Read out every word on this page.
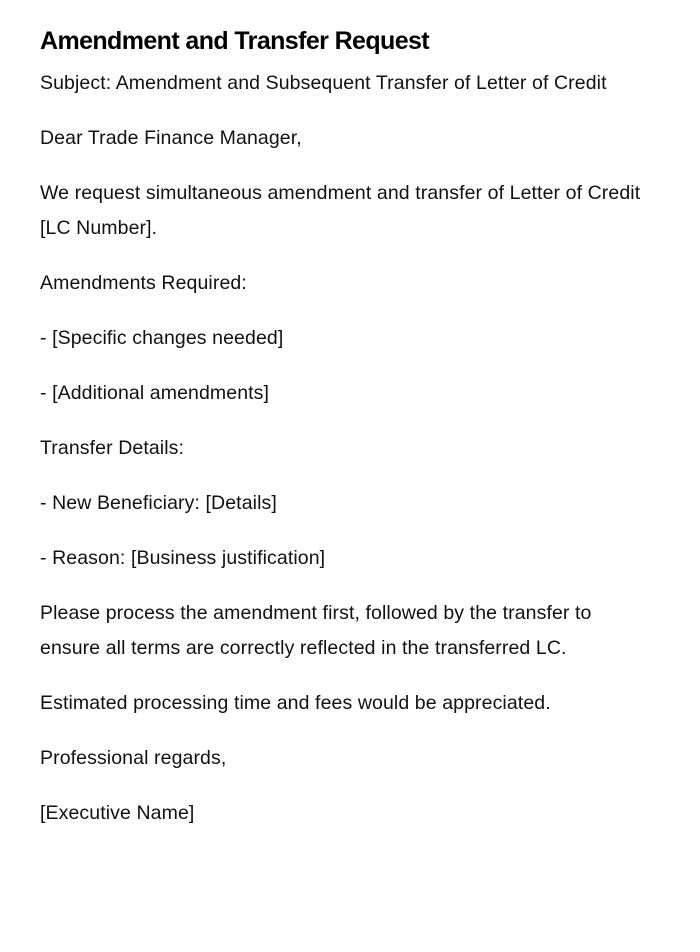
Amendment and Transfer Request

Subject: Amendment and Subsequent Transfer of Letter of Credit

Dear Trade Finance Manager,

We request simultaneous amendment and transfer of Letter of Credit [LC Number].

Amendments Required:

- [Specific changes needed]

- [Additional amendments]

Transfer Details:

- New Beneficiary: [Details]

- Reason: [Business justification]

Please process the amendment first, followed by the transfer to ensure all terms are correctly reflected in the transferred LC.

Estimated processing time and fees would be appreciated.

Professional regards,

[Executive Name]
